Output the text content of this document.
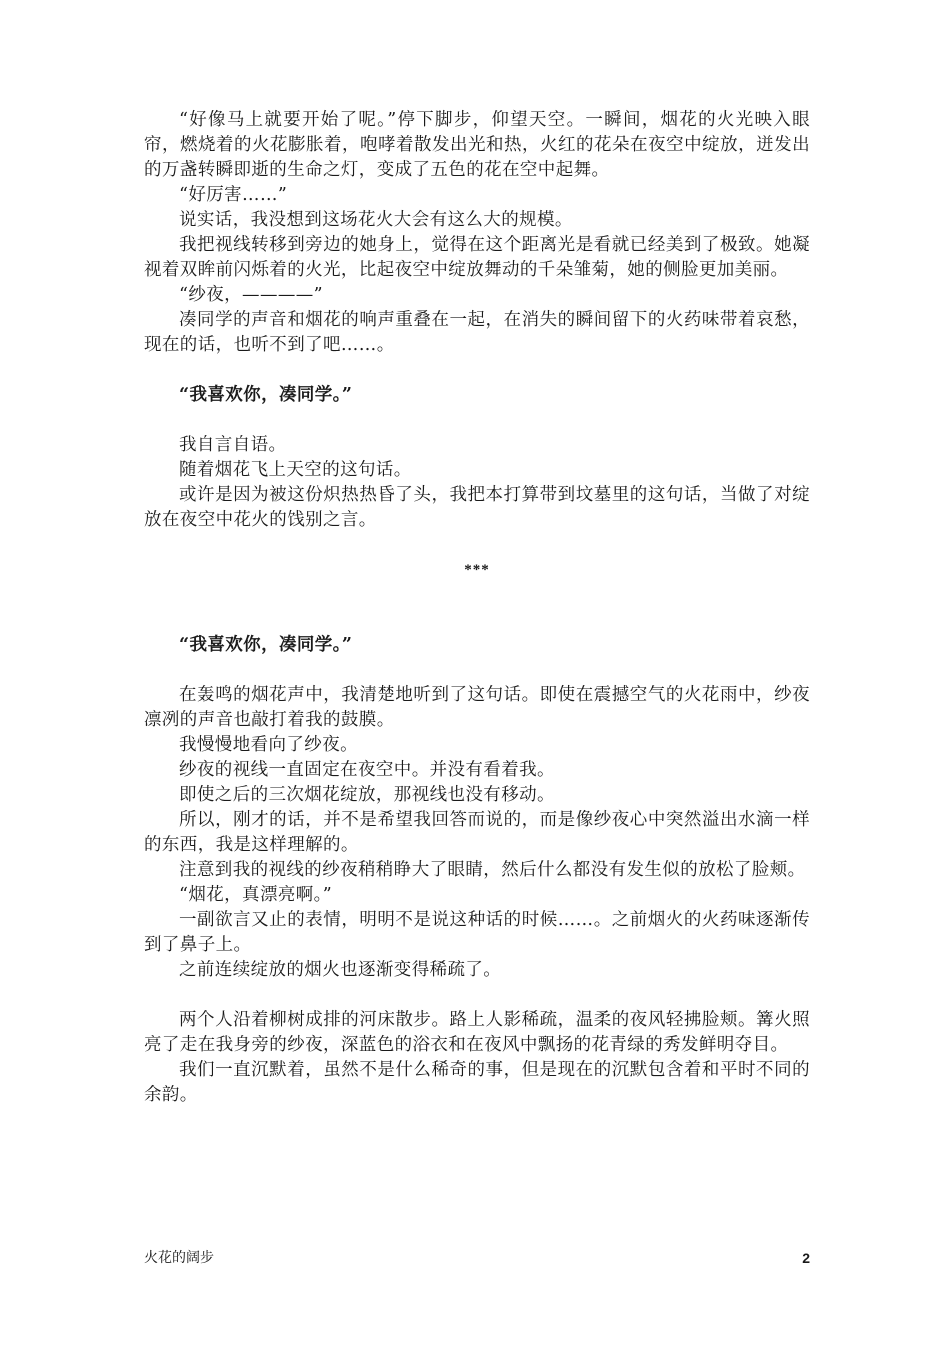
“好像马上就要开始了呢。”停下脚步，仰望天空。一瞬间，烟花的火光映入眼帘，燃烧着的火花膨胀着，咆哮着散发出光和热，火红的花朵在夜空中绽放，迸发出的万盏转瞬即逝的生命之灯，变成了五色的花在空中起舞。

“好厉害……”

说实话，我没想到这场花火大会有这么大的规模。

我把视线转移到旁边的她身上，觉得在这个距离光是看就已经美到了极致。她凝视着双眸前闪烁着的火光，比起夜空中绽放舞动的千朵雏菊，她的侧脸更加美丽。

“纱夜，————”

凑同学的声音和烟花的响声重叠在一起，在消失的瞬间留下的火药味带着哀愁，现在的话，也听不到了吧……。

“我喜欢你，凑同学。”

我自言自语。

随着烟花飞上天空的这句话。

或许是因为被这份炽热热昏了头，我把本打算带到坟墓里的这句话，当做了对绽放在夜空中花火的饯别之言。

***

“我喜欢你，凑同学。”

在轰鸣的烟花声中，我清楚地听到了这句话。即使在震撼空气的火花雨中，纱夜凛冽的声音也敲打着我的鼓膜。

我慢慢地看向了纱夜。

纱夜的视线一直固定在夜空中。并没有看着我。

即使之后的三次烟花绽放，那视线也没有移动。

所以，刚才的话，并不是希望我回答而说的，而是像纱夜心中突然溢出水滴一样的东西，我是这样理解的。

注意到我的视线的纱夜稍稍睁大了眼睛，然后什么都没有发生似的放松了脸颊。

“烟花，真漂亮啊。”

一副欲言又止的表情，明明不是说这种话的时候……。之前烟火的火药味逐渐传到了鼻子上。

之前连续绽放的烟火也逐渐变得稀疏了。

两个人沿着柳树成排的河床散步。路上人影稀疏，温柔的夜风轻拂脸颊。篝火照亮了走在我身旁的纱夜，深蓝色的浴衣和在夜风中飘扬的花青绿的秀发鲜明夺目。

我们一直沉默着，虽然不是什么稀奇的事，但是现在的沉默包含着和平时不同的余韵。

火花的阔步	2
